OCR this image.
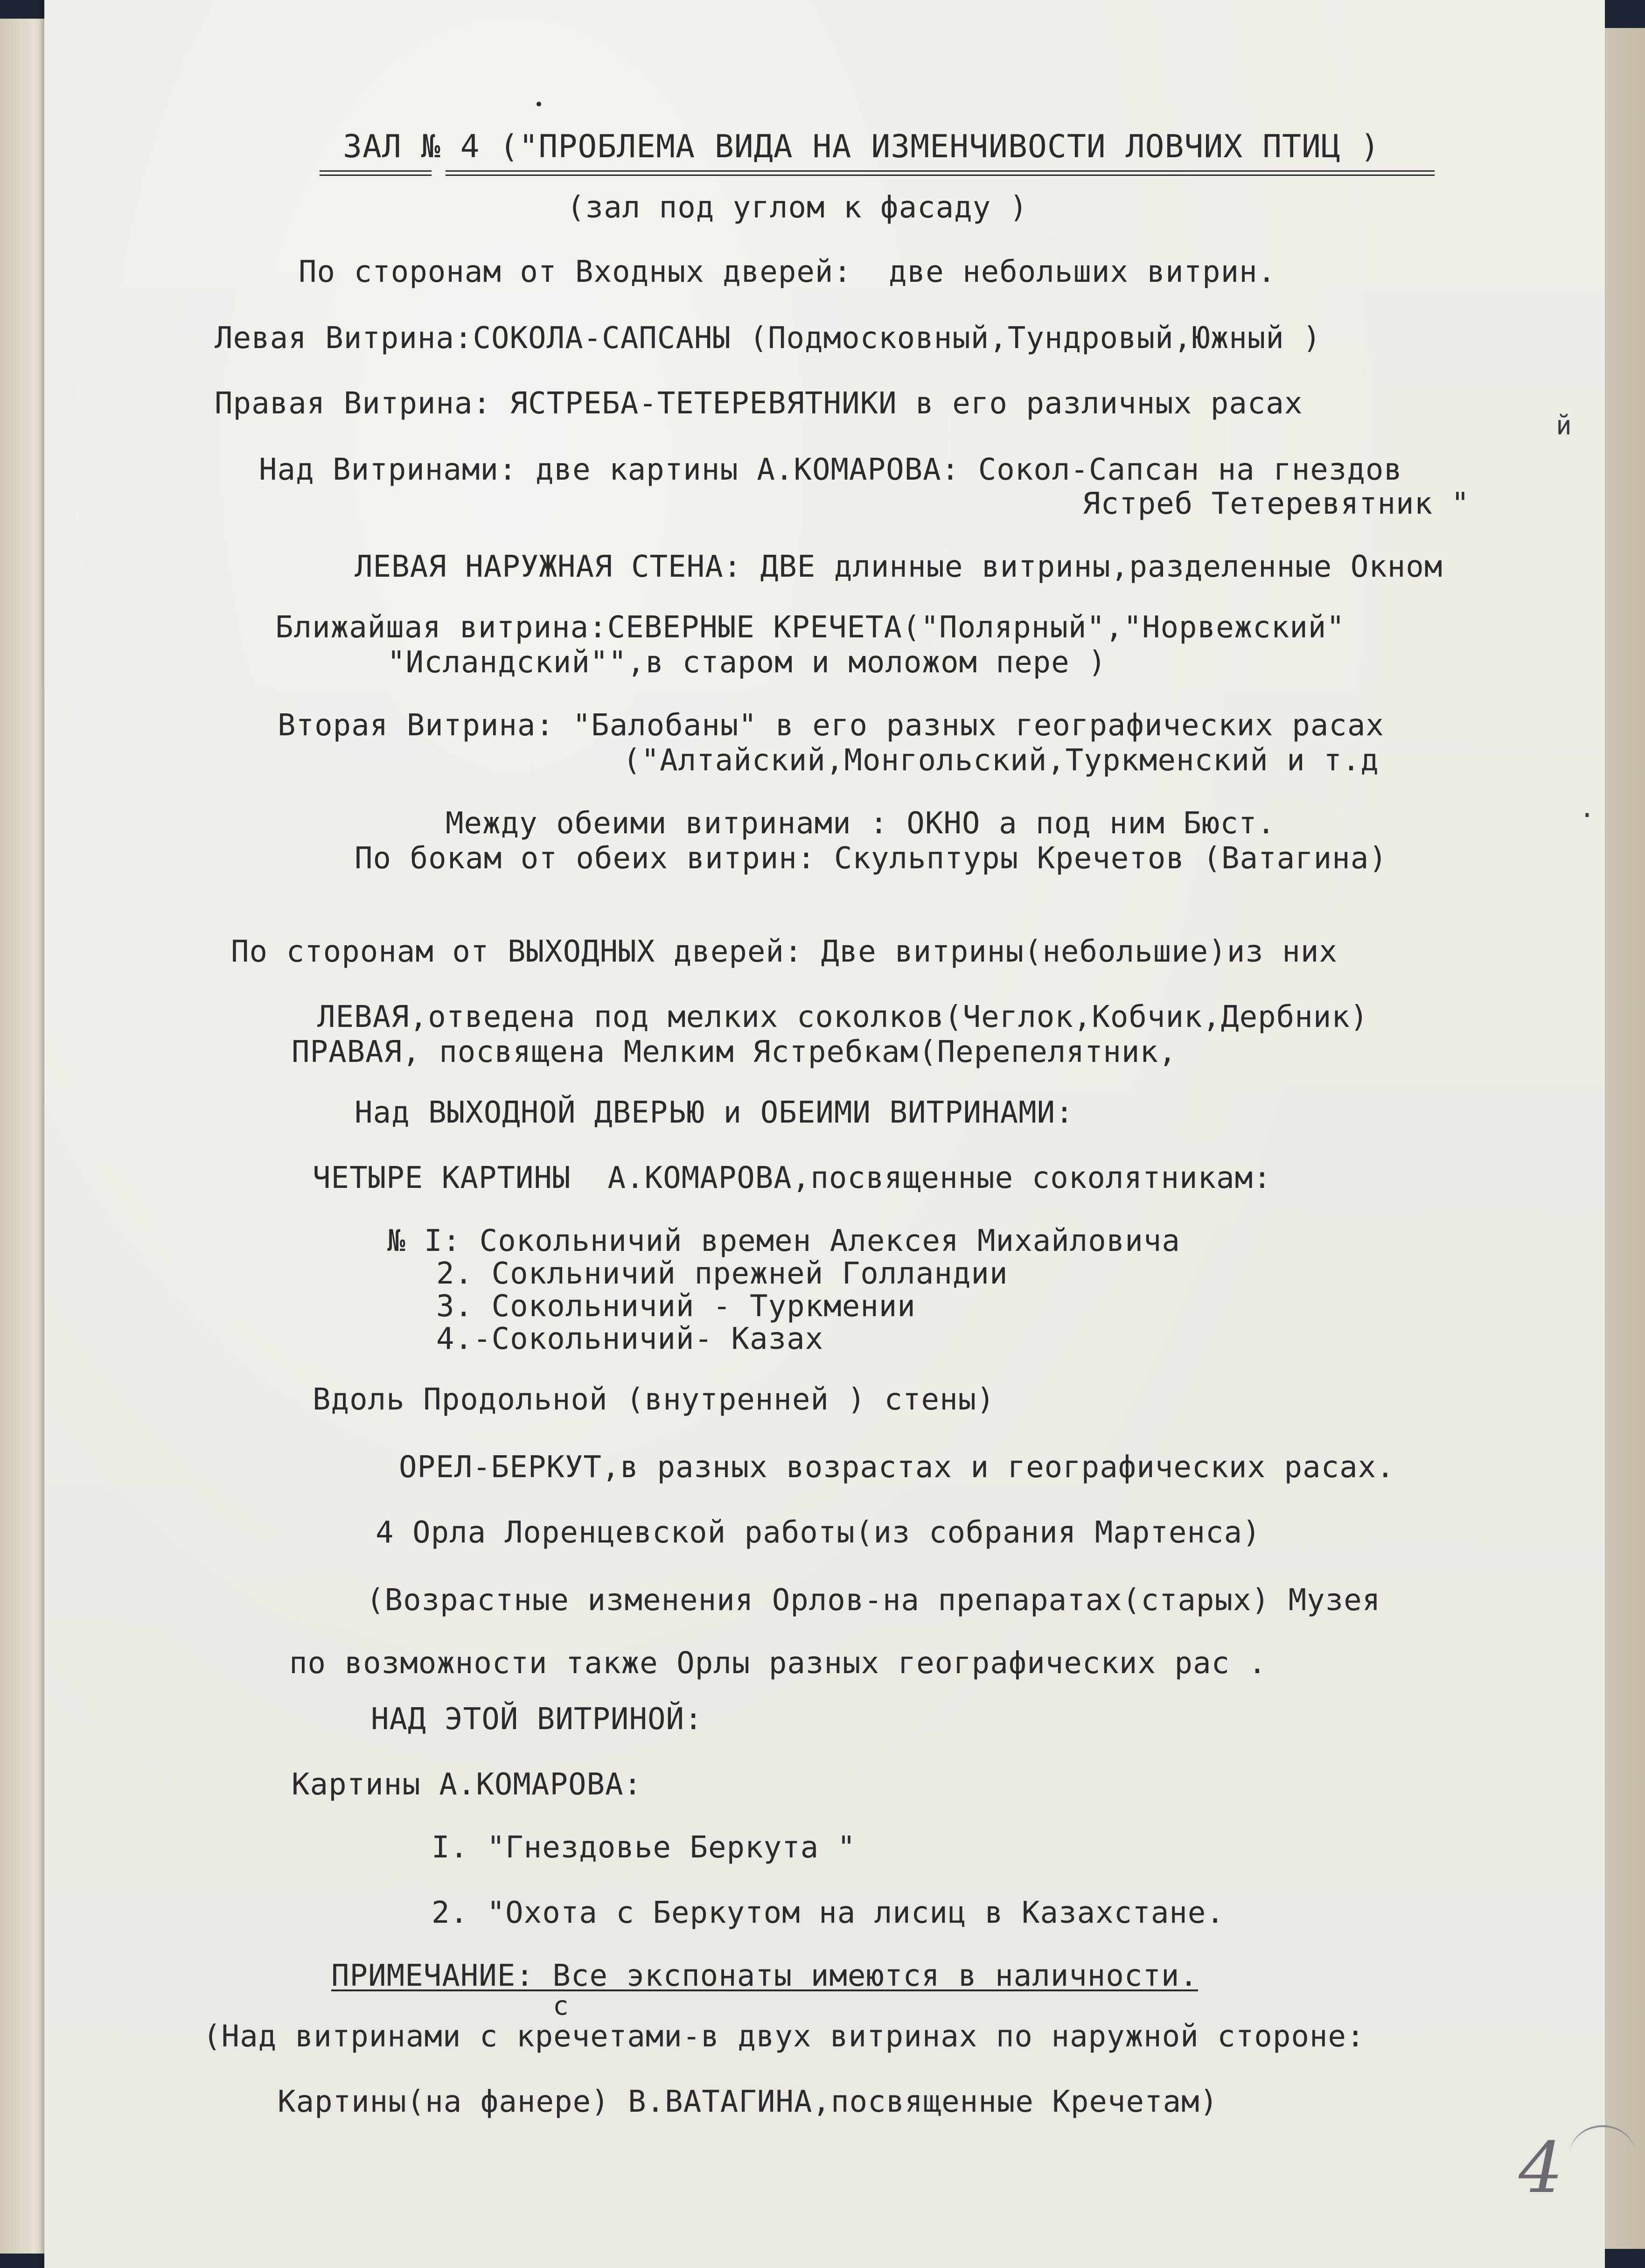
ЗАЛ № 4 ("ПРОБЛЕМА ВИДА НА ИЗМЕНЧИВОСТИ ЛОВЧИХ ПТИЦ )
(зал под углом к фасаду )
По сторонам от Входных дверей:  две небольших витрин.
Левая Витрина:СОКОЛА-САПСАНЫ (Подмосковный,Тундровый,Южный )
Правая Витрина: ЯСТРЕБА-ТЕТЕРЕВЯТНИКИ в его различных расах
Над Витринами: две картины А.КОМАРОВА: Сокол-Сапсан на гнездов
Ястреб Тетеревятник "
ЛЕВАЯ НАРУЖНАЯ СТЕНА: ДВЕ длинные витрины,разделенные Окном
Ближайшая витрина:СЕВЕРНЫЕ КРЕЧЕТА("Полярный","Норвежский"
"Исландский"",в старом и моложом пере )
Вторая Витрина: "Балобаны" в его разных географических расах
("Алтайский,Монгольский,Туркменский и т.д
Между обеими витринами : ОКНО а под ним Бюст.
По бокам от обеих витрин: Скульптуры Кречетов (Ватагина)
По сторонам от ВЫХОДНЫХ дверей: Две витрины(небольшие)из них
ЛЕВАЯ,отведена под мелких соколков(Чеглок,Кобчик,Дербник)
ПРАВАЯ, посвящена Мелким Ястребкам(Перепелятник,
Над ВЫХОДНОЙ ДВЕРЬЮ и ОБЕИМИ ВИТРИНАМИ:
ЧЕТЫРЕ КАРТИНЫ  А.КОМАРОВА,посвященные соколятникам:
№ I: Сокольничий времен Алексея Михайловича
2. Сокльничий прежней Голландии
3. Сокольничий - Туркмении
4.-Сокольничий- Казах
Вдоль Продольной (внутренней ) стены)
ОРЕЛ-БЕРКУТ,в разных возрастах и географических расах.
4 Орла Лоренцевской работы(из собрания Мартенса)
(Возрастные изменения Орлов-на препаратах(старых) Музея
по возможности также Орлы разных географических рас .
НАД ЭТОЙ ВИТРИНОЙ:
Картины А.КОМАРОВА:
I. "Гнездовье Беркута "
2. "Охота с Беркутом на лисиц в Казахстане.
ПРИМЕЧАНИЕ: Все экспонаты имеются в наличности.
с
(Над витринами с кречетами-в двух витринах по наружной стороне:
Картины(на фанере) В.ВАТАГИНА,посвященные Кречетам)
й
.
4
